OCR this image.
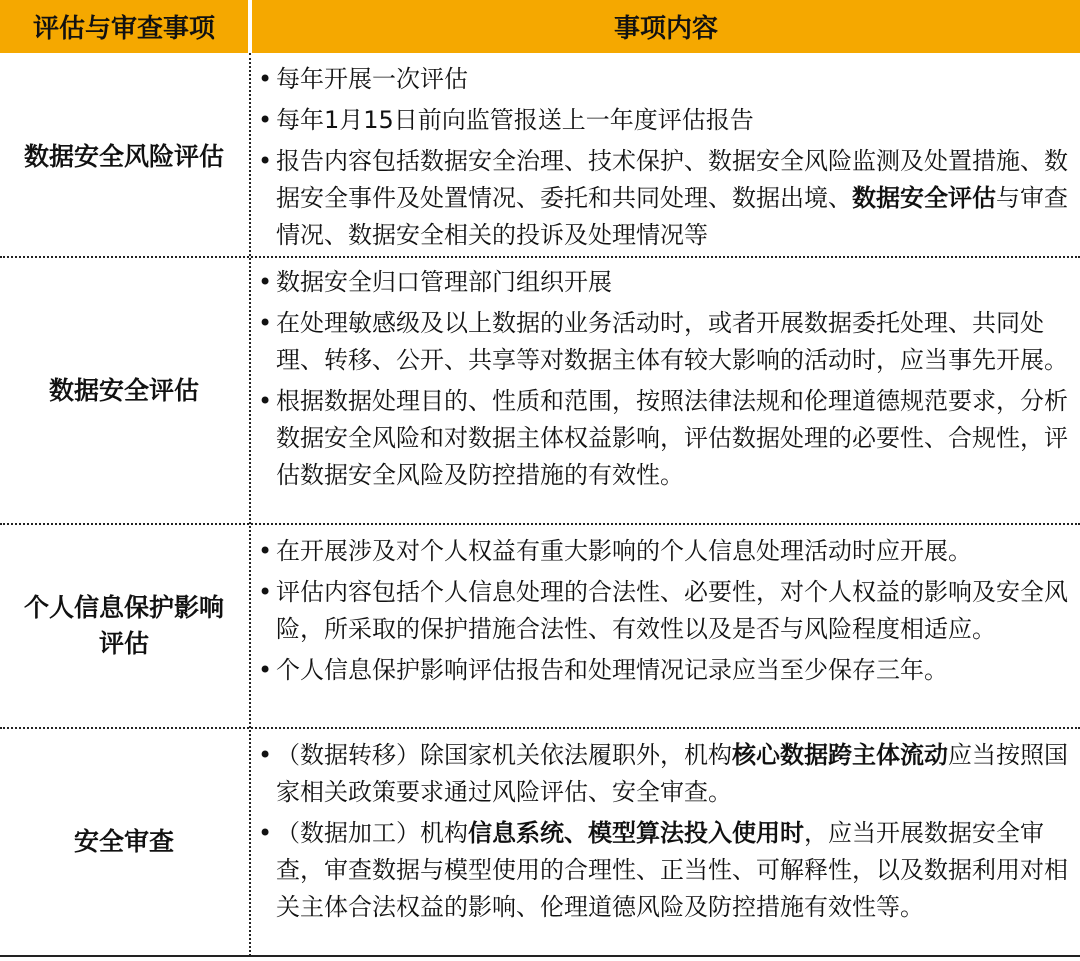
评估与审查事项	事项内容
数据安全风险评估
• 每年开展一次评估
• 每年1月15日前向监管报送上一年度评估报告
• 报告内容包括数据安全治理、技术保护、数据安全风险监测及处置措施、数据安全事件及处置情况、委托和共同处理、数据出境、数据安全评估与审查情况、数据安全相关的投诉及处理情况等
数据安全评估
• 数据安全归口管理部门组织开展
• 在处理敏感级及以上数据的业务活动时，或者开展数据委托处理、共同处理、转移、公开、共享等对数据主体有较大影响的活动时，应当事先开展。
• 根据数据处理目的、性质和范围，按照法律法规和伦理道德规范要求，分析数据安全风险和对数据主体权益影响，评估数据处理的必要性、合规性，评估数据安全风险及防控措施的有效性。
个人信息保护影响
评估
• 在开展涉及对个人权益有重大影响的个人信息处理活动时应开展。
• 评估内容包括个人信息处理的合法性、必要性，对个人权益的影响及安全风险，所采取的保护措施合法性、有效性以及是否与风险程度相适应。
• 个人信息保护影响评估报告和处理情况记录应当至少保存三年。
安全审查
• （数据转移）除国家机关依法履职外，机构核心数据跨主体流动应当按照国家相关政策要求通过风险评估、安全审查。
• （数据加工）机构信息系统、模型算法投入使用时，应当开展数据安全审查，审查数据与模型使用的合理性、正当性、可解释性，以及数据利用对相关主体合法权益的影响、伦理道德风险及防控措施有效性等。
